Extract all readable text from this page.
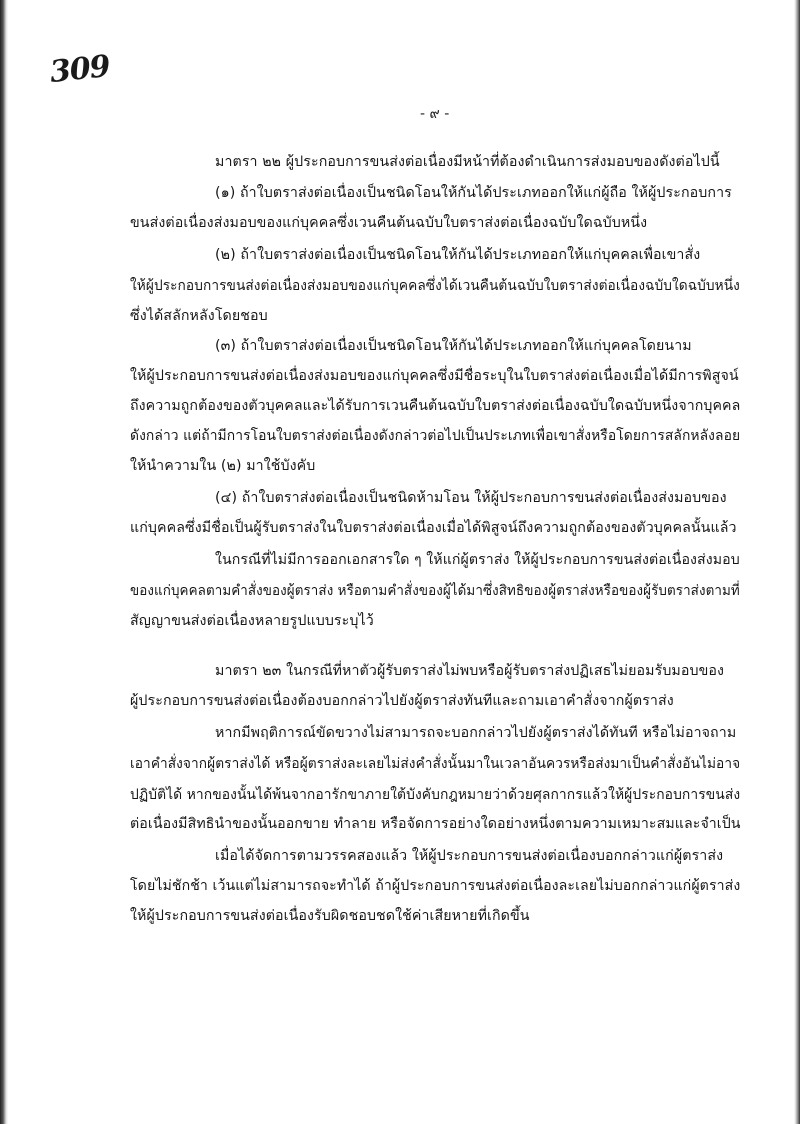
309
- ๙ -
มาตรา ๒๒ ผู้ประกอบการขนส่งต่อเนื่องมีหน้าที่ต้องดำเนินการส่งมอบของดังต่อไปนี้
(๑) ถ้าใบตราส่งต่อเนื่องเป็นชนิดโอนให้กันได้ประเภทออกให้แก่ผู้ถือ ให้ผู้ประกอบการ
ขนส่งต่อเนื่องส่งมอบของแก่บุคคลซึ่งเวนคืนต้นฉบับใบตราส่งต่อเนื่องฉบับใดฉบับหนึ่ง
(๒) ถ้าใบตราส่งต่อเนื่องเป็นชนิดโอนให้กันได้ประเภทออกให้แก่บุคคลเพื่อเขาสั่ง
ให้ผู้ประกอบการขนส่งต่อเนื่องส่งมอบของแก่บุคคลซึ่งได้เวนคืนต้นฉบับใบตราส่งต่อเนื่องฉบับใดฉบับหนึ่ง
ซึ่งได้สลักหลังโดยชอบ
(๓) ถ้าใบตราส่งต่อเนื่องเป็นชนิดโอนให้กันได้ประเภทออกให้แก่บุคคลโดยนาม
ให้ผู้ประกอบการขนส่งต่อเนื่องส่งมอบของแก่บุคคลซึ่งมีชื่อระบุในใบตราส่งต่อเนื่องเมื่อได้มีการพิสูจน์
ถึงความถูกต้องของตัวบุคคลและได้รับการเวนคืนต้นฉบับใบตราส่งต่อเนื่องฉบับใดฉบับหนึ่งจากบุคคล
ดังกล่าว แต่ถ้ามีการโอนใบตราส่งต่อเนื่องดังกล่าวต่อไปเป็นประเภทเพื่อเขาสั่งหรือโดยการสลักหลังลอย
ให้นำความใน (๒) มาใช้บังคับ
(๔) ถ้าใบตราส่งต่อเนื่องเป็นชนิดห้ามโอน ให้ผู้ประกอบการขนส่งต่อเนื่องส่งมอบของ
แก่บุคคลซึ่งมีชื่อเป็นผู้รับตราส่งในใบตราส่งต่อเนื่องเมื่อได้พิสูจน์ถึงความถูกต้องของตัวบุคคลนั้นแล้ว
ในกรณีที่ไม่มีการออกเอกสารใด ๆ ให้แก่ผู้ตราส่ง ให้ผู้ประกอบการขนส่งต่อเนื่องส่งมอบ
ของแก่บุคคลตามคำสั่งของผู้ตราส่ง หรือตามคำสั่งของผู้ได้มาซึ่งสิทธิของผู้ตราส่งหรือของผู้รับตราส่งตามที่
สัญญาขนส่งต่อเนื่องหลายรูปแบบระบุไว้
มาตรา ๒๓ ในกรณีที่หาตัวผู้รับตราส่งไม่พบหรือผู้รับตราส่งปฏิเสธไม่ยอมรับมอบของ
ผู้ประกอบการขนส่งต่อเนื่องต้องบอกกล่าวไปยังผู้ตราส่งทันทีและถามเอาคำสั่งจากผู้ตราส่ง
หากมีพฤติการณ์ขัดขวางไม่สามารถจะบอกกล่าวไปยังผู้ตราส่งได้ทันที หรือไม่อาจถาม
เอาคำสั่งจากผู้ตราส่งได้ หรือผู้ตราส่งละเลยไม่ส่งคำสั่งนั้นมาในเวลาอันควรหรือส่งมาเป็นคำสั่งอันไม่อาจ
ปฏิบัติได้ หากของนั้นได้พ้นจากอารักขาภายใต้บังคับกฎหมายว่าด้วยศุลกากรแล้วให้ผู้ประกอบการขนส่ง
ต่อเนื่องมีสิทธินำของนั้นออกขาย ทำลาย หรือจัดการอย่างใดอย่างหนึ่งตามความเหมาะสมและจำเป็น
เมื่อได้จัดการตามวรรคสองแล้ว ให้ผู้ประกอบการขนส่งต่อเนื่องบอกกล่าวแก่ผู้ตราส่ง
โดยไม่ชักช้า เว้นแต่ไม่สามารถจะทำได้ ถ้าผู้ประกอบการขนส่งต่อเนื่องละเลยไม่บอกกล่าวแก่ผู้ตราส่ง
ให้ผู้ประกอบการขนส่งต่อเนื่องรับผิดชอบชดใช้ค่าเสียหายที่เกิดขึ้น
